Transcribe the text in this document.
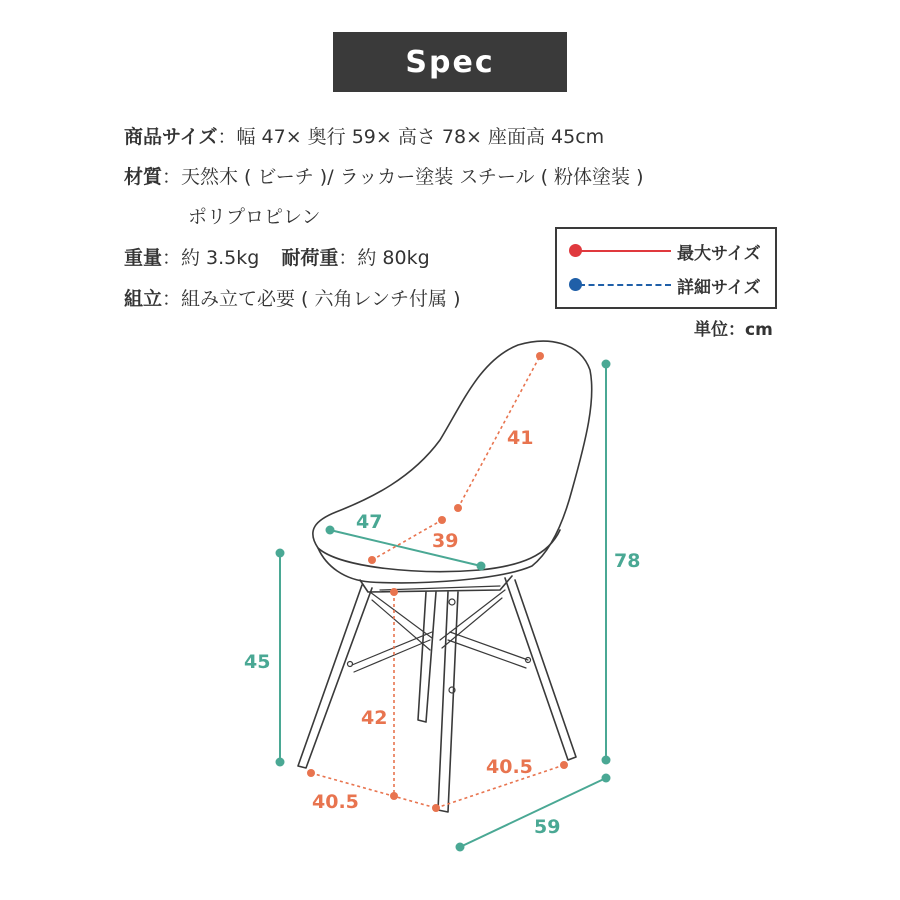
Spec
商品サイズ：幅 47× 奥行 59× 高さ 78× 座面高 45cm
材質：天然木 ( ビーチ )/ ラッカー塗装 スチール ( 粉体塗装 )
ポリプロピレン
重量：約 3.5kg 耐荷重：約 80kg
組立：組み立て必要 ( 六角レンチ付属 )
最大サイズ
詳細サイズ
単位：cm
45
78
47
59
41
39
42
40.5
40.5
